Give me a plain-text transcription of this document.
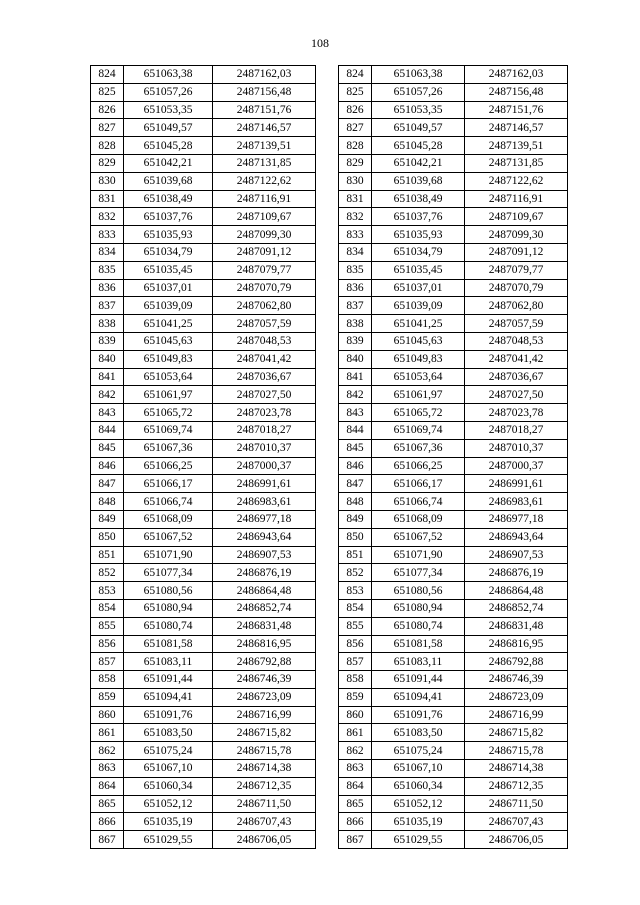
108
824	651063,38	2487162,03
825	651057,26	2487156,48
826	651053,35	2487151,76
827	651049,57	2487146,57
828	651045,28	2487139,51
829	651042,21	2487131,85
830	651039,68	2487122,62
831	651038,49	2487116,91
832	651037,76	2487109,67
833	651035,93	2487099,30
834	651034,79	2487091,12
835	651035,45	2487079,77
836	651037,01	2487070,79
837	651039,09	2487062,80
838	651041,25	2487057,59
839	651045,63	2487048,53
840	651049,83	2487041,42
841	651053,64	2487036,67
842	651061,97	2487027,50
843	651065,72	2487023,78
844	651069,74	2487018,27
845	651067,36	2487010,37
846	651066,25	2487000,37
847	651066,17	2486991,61
848	651066,74	2486983,61
849	651068,09	2486977,18
850	651067,52	2486943,64
851	651071,90	2486907,53
852	651077,34	2486876,19
853	651080,56	2486864,48
854	651080,94	2486852,74
855	651080,74	2486831,48
856	651081,58	2486816,95
857	651083,11	2486792,88
858	651091,44	2486746,39
859	651094,41	2486723,09
860	651091,76	2486716,99
861	651083,50	2486715,82
862	651075,24	2486715,78
863	651067,10	2486714,38
864	651060,34	2486712,35
865	651052,12	2486711,50
866	651035,19	2486707,43
867	651029,55	2486706,05
824	651063,38	2487162,03
825	651057,26	2487156,48
826	651053,35	2487151,76
827	651049,57	2487146,57
828	651045,28	2487139,51
829	651042,21	2487131,85
830	651039,68	2487122,62
831	651038,49	2487116,91
832	651037,76	2487109,67
833	651035,93	2487099,30
834	651034,79	2487091,12
835	651035,45	2487079,77
836	651037,01	2487070,79
837	651039,09	2487062,80
838	651041,25	2487057,59
839	651045,63	2487048,53
840	651049,83	2487041,42
841	651053,64	2487036,67
842	651061,97	2487027,50
843	651065,72	2487023,78
844	651069,74	2487018,27
845	651067,36	2487010,37
846	651066,25	2487000,37
847	651066,17	2486991,61
848	651066,74	2486983,61
849	651068,09	2486977,18
850	651067,52	2486943,64
851	651071,90	2486907,53
852	651077,34	2486876,19
853	651080,56	2486864,48
854	651080,94	2486852,74
855	651080,74	2486831,48
856	651081,58	2486816,95
857	651083,11	2486792,88
858	651091,44	2486746,39
859	651094,41	2486723,09
860	651091,76	2486716,99
861	651083,50	2486715,82
862	651075,24	2486715,78
863	651067,10	2486714,38
864	651060,34	2486712,35
865	651052,12	2486711,50
866	651035,19	2486707,43
867	651029,55	2486706,05
